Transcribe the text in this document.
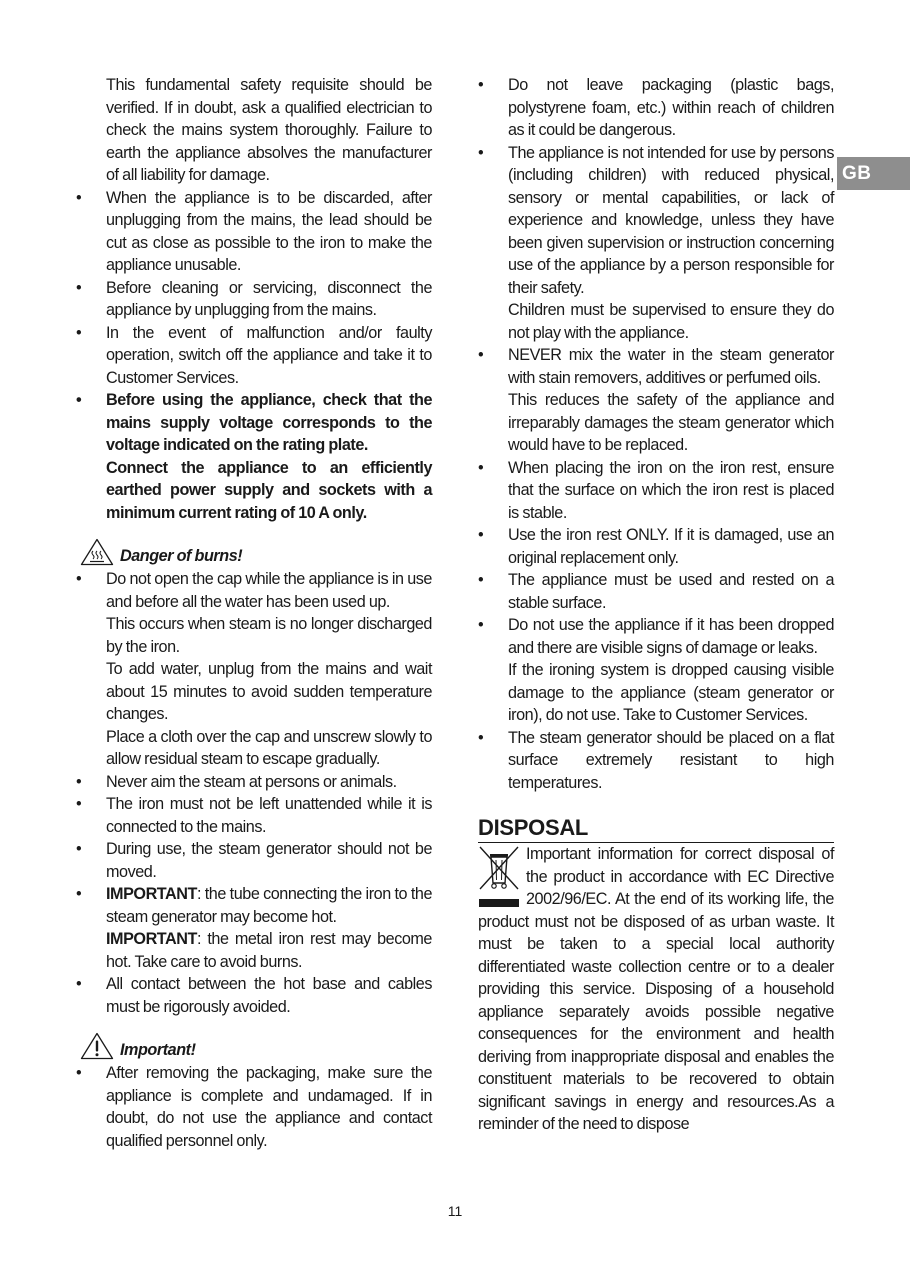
GB

This fundamental safety requisite should be verified. If in doubt, ask a qualified electrician to check the mains system thoroughly. Failure to earth the appliance absolves the manufacturer of all liability for damage.

• When the appliance is to be discarded, after unplugging from the mains, the lead should be cut as close as possible to the iron to make the appliance unusable.

• Before cleaning or servicing, disconnect the appliance by unplugging from the mains.

• In the event of malfunction and/or faulty operation, switch off the appliance and take it to Customer Services.

• Before using the appliance, check that the mains supply voltage corresponds to the voltage indicated on the rating plate.

Connect the appliance to an efficiently earthed power supply and sockets with a minimum current rating of 10 A only.

Danger of burns!

• Do not open the cap while the appliance is in use and before all the water has been used up.

This occurs when steam is no longer discharged by the iron.

To add water, unplug from the mains and wait about 15 minutes to avoid sudden temperature changes.

Place a cloth over the cap and unscrew slowly to allow residual steam to escape gradually.

• Never aim the steam at persons or animals.

• The iron must not be left unattended while it is connected to the mains.

• During use, the steam generator should not be moved.

• IMPORTANT: the tube connecting the iron to the steam generator may become hot.

IMPORTANT: the metal iron rest may become hot. Take care to avoid burns.

• All contact between the hot base and cables must be rigorously avoided.

Important!

• After removing the packaging, make sure the appliance is complete and undamaged. If in doubt, do not use the appliance and contact qualified personnel only.

• Do not leave packaging (plastic bags, polystyrene foam, etc.) within reach of children as it could be dangerous.

• The appliance is not intended for use by persons (including children) with reduced physical, sensory or mental capabilities, or lack of experience and knowledge, unless they have been given supervision or instruction concerning use of the appliance by a person responsible for their safety.

Children must be supervised to ensure they do not play with the appliance.

• NEVER mix the water in the steam generator with stain removers, additives or perfumed oils.

This reduces the safety of the appliance and irreparably damages the steam generator which would have to be replaced.

• When placing the iron on the iron rest, ensure that the surface on which the iron rest is placed is stable.

• Use the iron rest ONLY. If it is damaged, use an original replacement only.

• The appliance must be used and rested on a stable surface.

• Do not use the appliance if it has been dropped and there are visible signs of damage or leaks.

If the ironing system is dropped causing visible damage to the appliance (steam generator or iron), do not use. Take to Customer Services.

• The steam generator should be placed on a flat surface extremely resistant to high temperatures.

DISPOSAL

Important information for correct disposal of the product in accordance with EC Directive 2002/96/EC. At the end of its working life, the product must not be disposed of as urban waste. It must be taken to a special local authority differentiated waste collection centre or to a dealer providing this service. Disposing of a household appliance separately avoids possible negative consequences for the environment and health deriving from inappropriate disposal and enables the constituent materials to be recovered to obtain significant savings in energy and resources.As a reminder of the need to dispose

11
